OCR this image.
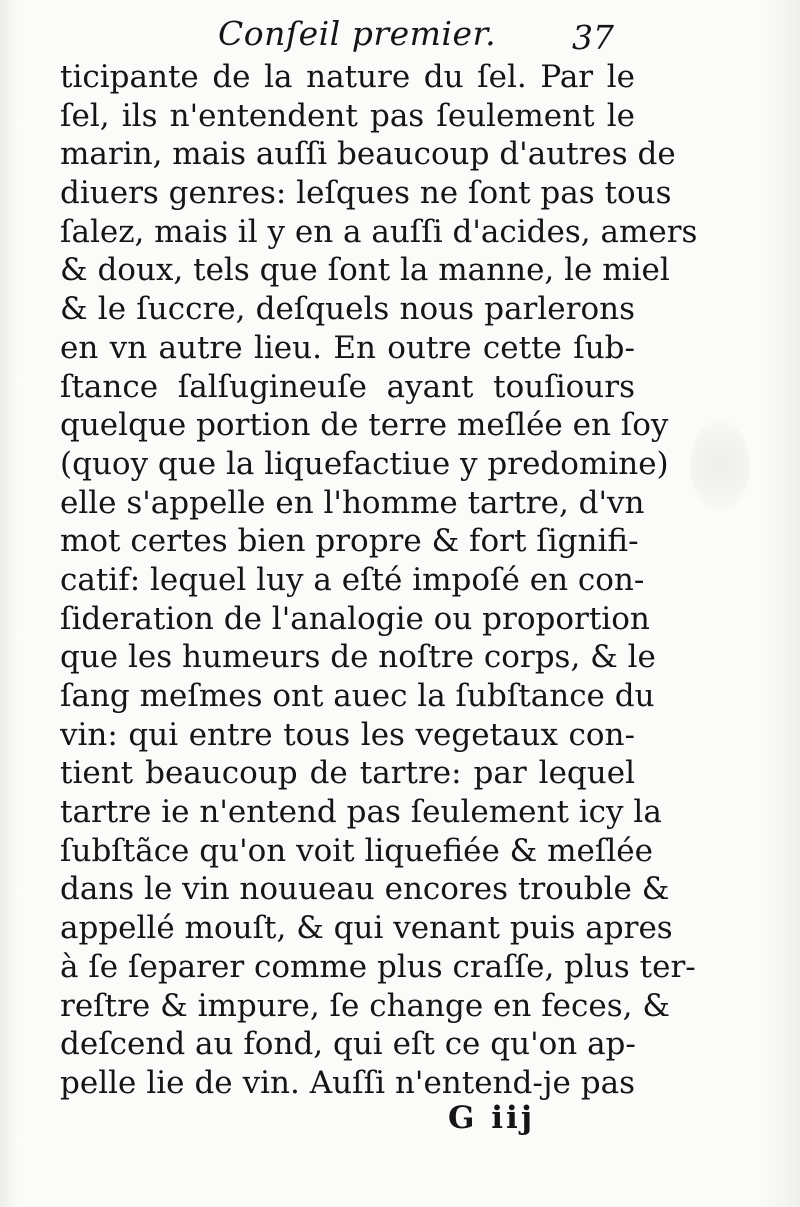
Conſeil premier. 37
ticipante de la nature du ſel. Par le
ſel, ils n'entendent pas ſeulement le
marin, mais auſſi beaucoup d'autres de
diuers genres: leſques ne ſont pas tous
ſalez, mais il y en a auſſi d'acides, amers
& doux, tels que ſont la manne, le miel
& le ſuccre, deſquels nous parlerons
en vn autre lieu. En outre cette ſub-
ſtance ſalſugineuſe ayant touſiours
quelque portion de terre meſlée en ſoy
(quoy que la liquefactiue y predomine)
elle s'appelle en l'homme tartre, d'vn
mot certes bien propre & fort ſignifi-
catif: lequel luy a eſté impoſé en con-
ſideration de l'analogie ou proportion
que les humeurs de noſtre corps, & le
ſang meſmes ont auec la ſubſtance du
vin: qui entre tous les vegetaux con-
tient beaucoup de tartre: par lequel
tartre ie n'entend pas ſeulement icy la
ſubſtãce qu'on voit liquefiée & meſlée
dans le vin nouueau encores trouble &
appellé mouſt, & qui venant puis apres
à ſe ſeparer comme plus craſſe, plus ter-
reſtre & impure, ſe change en feces, &
deſcend au fond, qui eſt ce qu'on ap-
pelle lie de vin. Auſſi n'entend-je pas
G iij
